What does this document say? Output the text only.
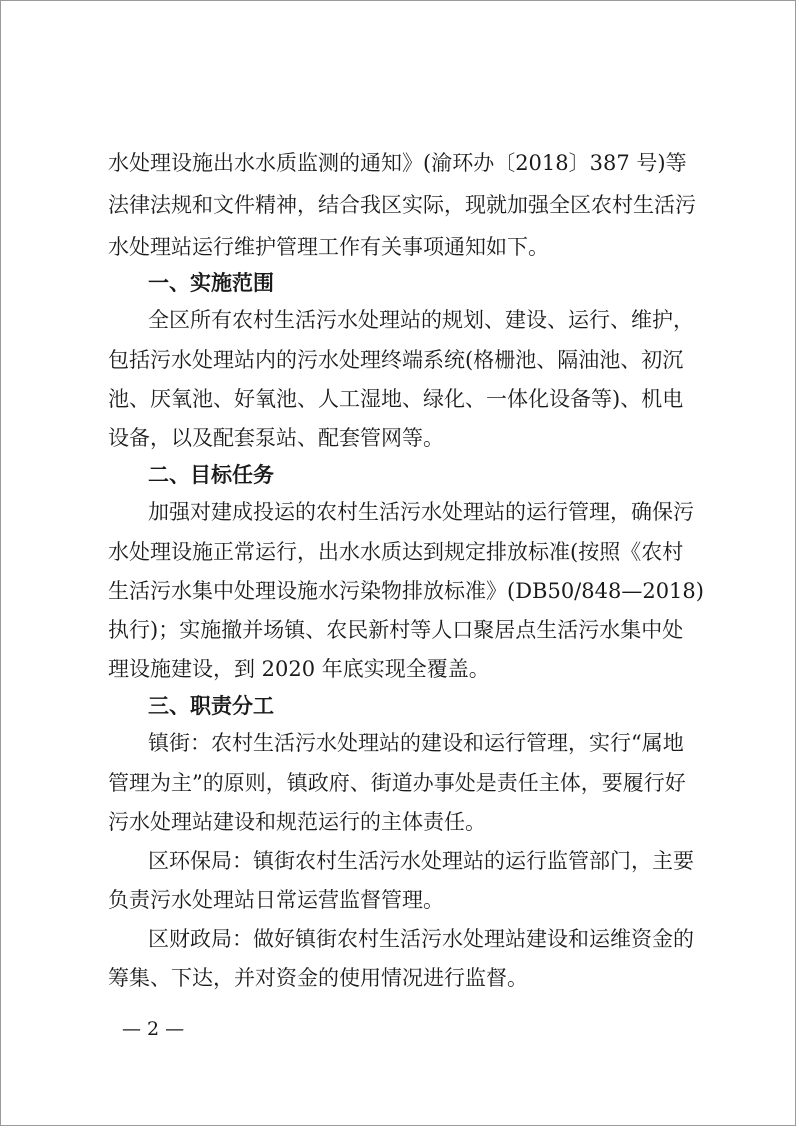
水处理设施出水水质监测的通知》(渝环办〔2018〕387 号)等

法律法规和文件精神，结合我区实际，现就加强全区农村生活污

水处理站运行维护管理工作有关事项通知如下。

一、实施范围

全区所有农村生活污水处理站的规划、建设、运行、维护，

包括污水处理站内的污水处理终端系统(格栅池、隔油池、初沉

池、厌氧池、好氧池、人工湿地、绿化、一体化设备等)、机电

设备，以及配套泵站、配套管网等。

二、目标任务

加强对建成投运的农村生活污水处理站的运行管理，确保污

水处理设施正常运行，出水水质达到规定排放标准(按照《农村

生活污水集中处理设施水污染物排放标准》(DB50/848—2018)

执行)；实施撤并场镇、农民新村等人口聚居点生活污水集中处

理设施建设，到 2020 年底实现全覆盖。

三、职责分工

镇街：农村生活污水处理站的建设和运行管理，实行“属地

管理为主”的原则，镇政府、街道办事处是责任主体，要履行好

污水处理站建设和规范运行的主体责任。

区环保局：镇街农村生活污水处理站的运行监管部门，主要

负责污水处理站日常运营监督管理。

区财政局：做好镇街农村生活污水处理站建设和运维资金的

筹集、下达，并对资金的使用情况进行监督。

— 2 —
